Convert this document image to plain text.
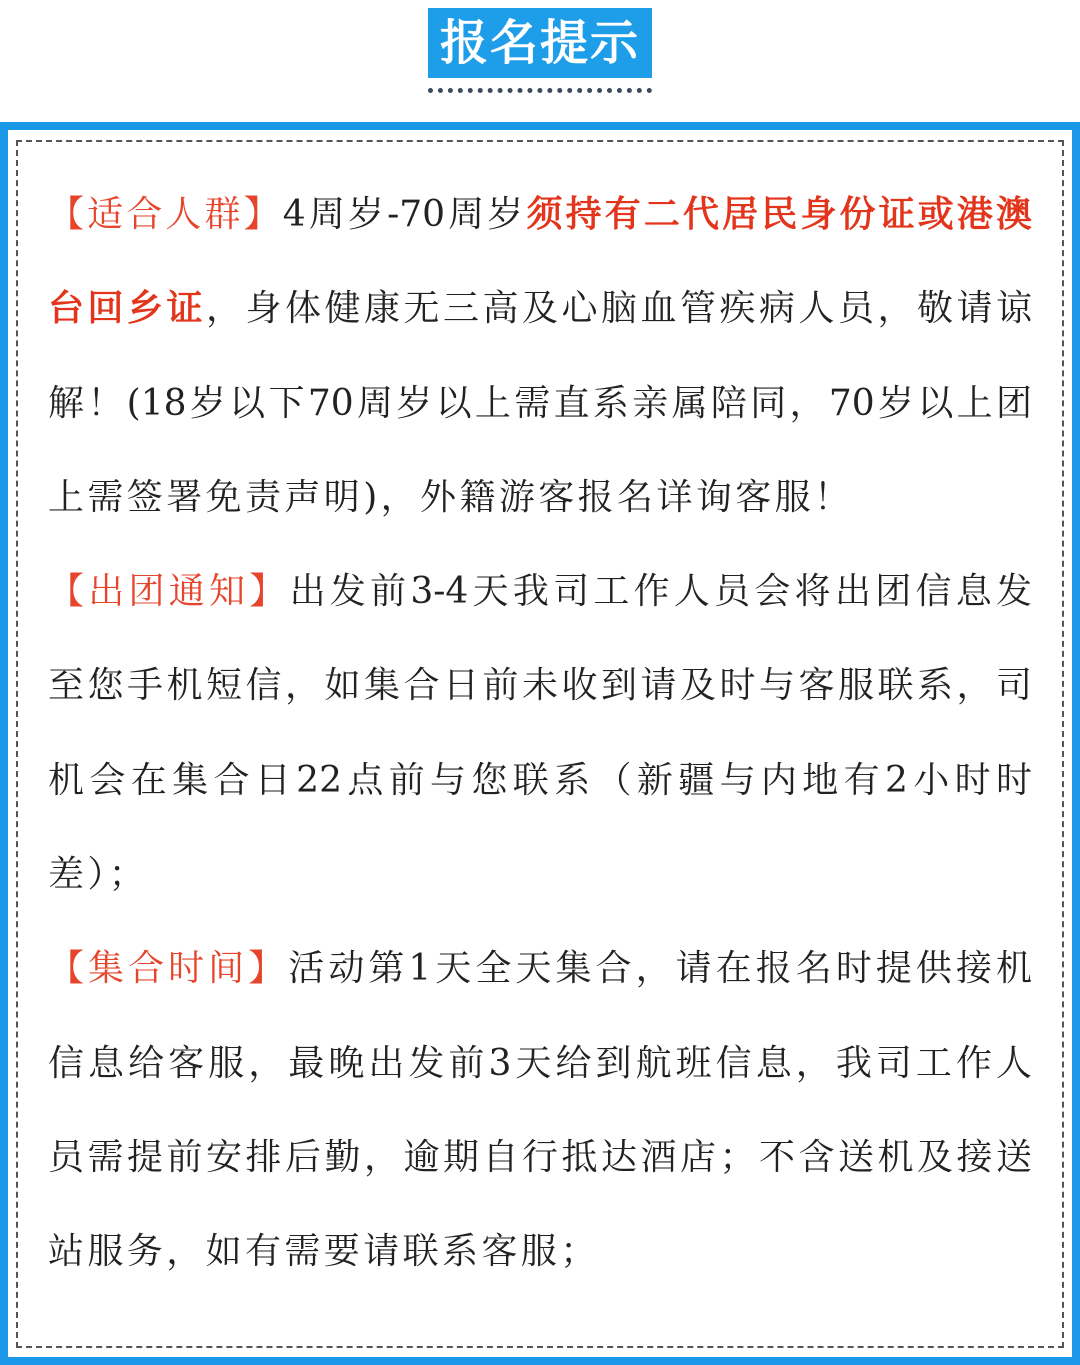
报名提示
【适合人群】4周岁-70周岁须持有二代居民身份证或港澳
台回乡证，身体健康无三高及心脑血管疾病人员，敬请谅
解！(18岁以下70周岁以上需直系亲属陪同，70岁以上团
上需签署免责声明)，外籍游客报名详询客服！
【出团通知】出发前3-4天我司工作人员会将出团信息发
至您手机短信，如集合日前未收到请及时与客服联系，司
机会在集合日22点前与您联系（新疆与内地有2小时时
差）；
【集合时间】活动第1天全天集合，请在报名时提供接机
信息给客服，最晚出发前3天给到航班信息，我司工作人
员需提前安排后勤，逾期自行抵达酒店；不含送机及接送
站服务，如有需要请联系客服；
